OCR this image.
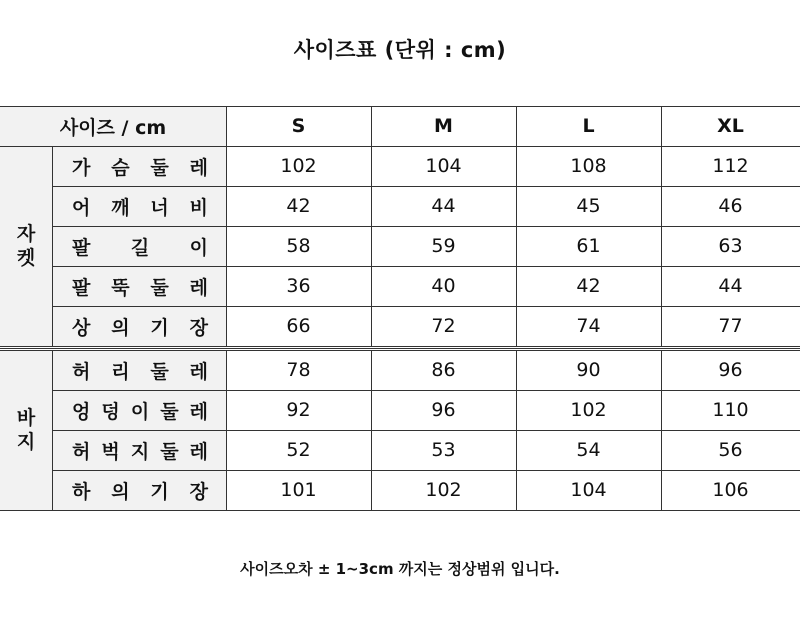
사이즈표 (단위 : cm)
사이즈 / cm	S	M	L	XL
자
켓
가 슴 둘 레	102	104	108	112
어 깨 너 비	42	44	45	46
팔 길 이	58	59	61	63
팔 뚝 둘 레	36	40	42	44
상 의 기 장	66	72	74	77
바
지
허 리 둘 레	78	86	90	96
엉 덩 이 둘 레	92	96	102	110
허 벅 지 둘 레	52	53	54	56
하 의 기 장	101	102	104	106
사이즈오차 ± 1~3cm 까지는 정상범위 입니다.
